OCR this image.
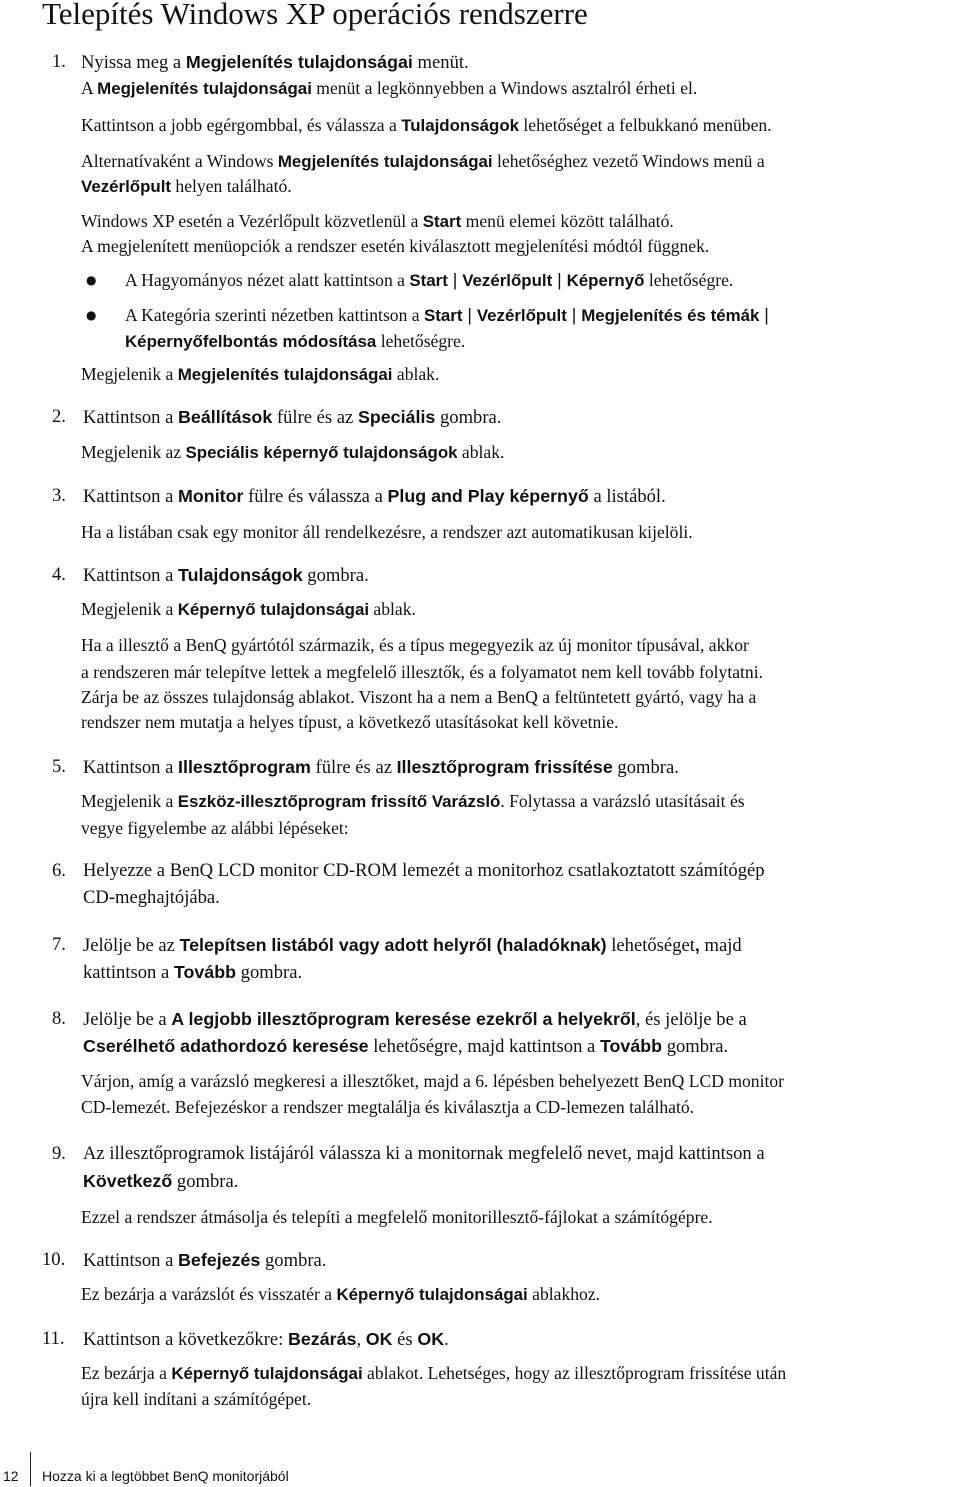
Telepítés Windows XP operációs rendszerre
1. Nyissa meg a Megjelenítés tulajdonságai menüt.

A Megjelenítés tulajdonságai menüt a legkönnyebben a Windows asztalról érheti el.

Kattintson a jobb egérgombbal, és válassza a Tulajdonságok lehetőséget a felbukkanó menüben.

Alternatívaként a Windows Megjelenítés tulajdonságai lehetőséghez vezető Windows menü a

Vezérlőpult helyen található.

Windows XP esetén a Vezérlőpult közvetlenül a Start menü elemei között található.

A megjelenített menüopciók a rendszer esetén kiválasztott megjelenítési módtól függnek.

● A Hagyományos nézet alatt kattintson a Start | Vezérlőpult | Képernyő lehetőségre.

● A Kategória szerinti nézetben kattintson a Start | Vezérlőpult | Megjelenítés és témák |

Képernyőfelbontás módosítása lehetőségre.

Megjelenik a Megjelenítés tulajdonságai ablak.

2. Kattintson a Beállítások fülre és az Speciális gombra.

Megjelenik az Speciális képernyő tulajdonságok ablak.

3. Kattintson a Monitor fülre és válassza a Plug and Play képernyő a listából.

Ha a listában csak egy monitor áll rendelkezésre, a rendszer azt automatikusan kijelöli.

4. Kattintson a Tulajdonságok gombra.

Megjelenik a Képernyő tulajdonságai ablak.

Ha a illesztő a BenQ gyártótól származik, és a típus megegyezik az új monitor típusával, akkor

a rendszeren már telepítve lettek a megfelelő illesztők, és a folyamatot nem kell tovább folytatni.

Zárja be az összes tulajdonság ablakot. Viszont ha a nem a BenQ a feltüntetett gyártó, vagy ha a

rendszer nem mutatja a helyes típust, a következő utasításokat kell követnie.

5. Kattintson a Illesztőprogram fülre és az Illesztőprogram frissítése gombra.

Megjelenik a Eszköz-illesztőprogram frissítő Varázsló. Folytassa a varázsló utasításait és

vegye figyelembe az alábbi lépéseket:

6. Helyezze a BenQ LCD monitor CD-ROM lemezét a monitorhoz csatlakoztatott számítógép

CD-meghajtójába.

7. Jelölje be az Telepítsen listából vagy adott helyről (haladóknak) lehetőséget, majd

kattintson a Tovább gombra.

8. Jelölje be a A legjobb illesztőprogram keresése ezekről a helyekről, és jelölje be a

Cserélhető adathordozó keresése lehetőségre, majd kattintson a Tovább gombra.

Várjon, amíg a varázsló megkeresi a illesztőket, majd a 6. lépésben behelyezett BenQ LCD monitor

CD-lemezét. Befejezéskor a rendszer megtalálja és kiválasztja a CD-lemezen található.

9. Az illesztőprogramok listájáról válassza ki a monitornak megfelelő nevet, majd kattintson a

Következő gombra.

Ezzel a rendszer átmásolja és telepíti a megfelelő monitorillesztő-fájlokat a számítógépre.

10. Kattintson a Befejezés gombra.

Ez bezárja a varázslót és visszatér a Képernyő tulajdonságai ablakhoz.

11. Kattintson a következőkre: Bezárás, OK és OK.

Ez bezárja a Képernyő tulajdonságai ablakot. Lehetséges, hogy az illesztőprogram frissítése után

újra kell indítani a számítógépet.

12 Hozza ki a legtöbbet BenQ monitorjából
